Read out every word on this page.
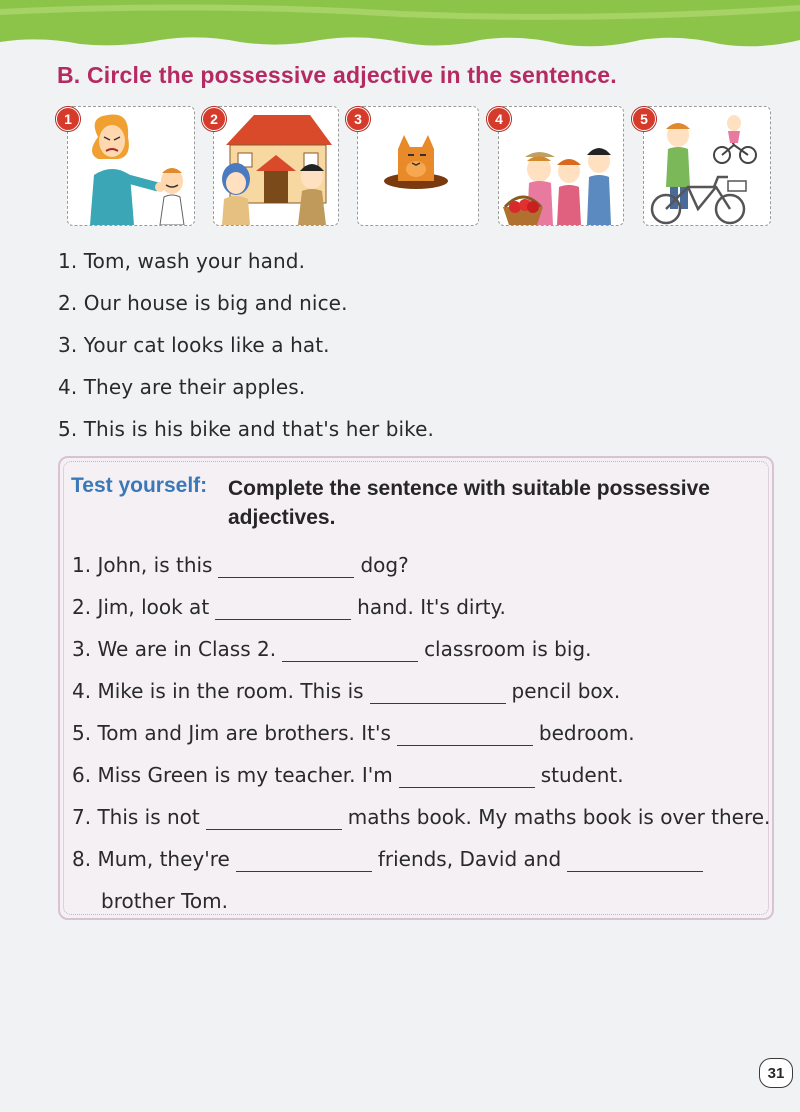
B. Circle the possessive adjective in the sentence.
1	2	3	4	5
1. Tom, wash your hand.
2. Our house is big and nice.
3. Your cat looks like a hat.
4. They are their apples.
5. This is his bike and that's her bike.
Test yourself: Complete the sentence with suitable possessive adjectives.
1. John, is this	dog?
2. Jim, look at	hand. It's dirty.
3. We are in Class 2.	classroom is big.
4. Mike is in the room. This is	pencil box.
5. Tom and Jim are brothers. It's	bedroom.
6. Miss Green is my teacher. I'm	student.
7. This is not	maths book. My maths book is over there.
8. Mum, they're	friends, David and
brother Tom.
31
